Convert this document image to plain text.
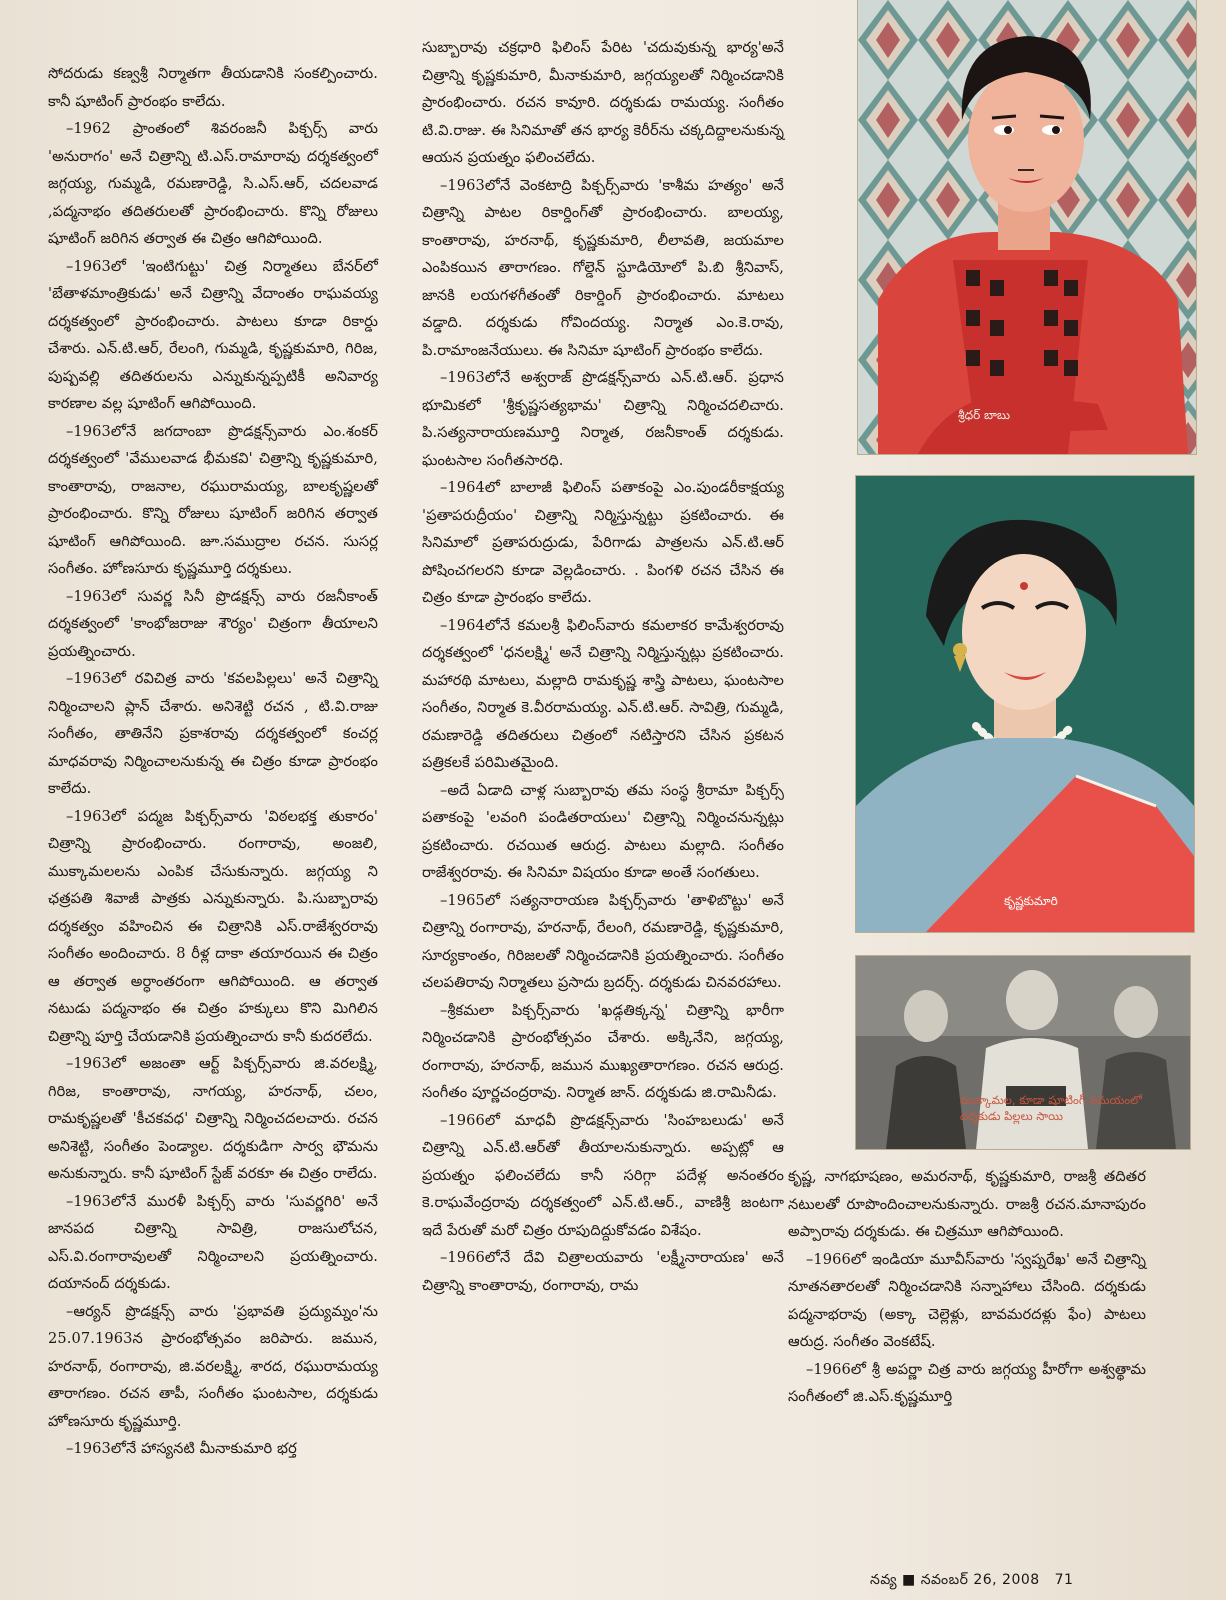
సోదరుడు కణ్వశ్రీ నిర్మాతగా తీయడానికి సంకల్పించారు. కానీ షూటింగ్ ప్రారంభం కాలేదు.

–1962 ప్రాంతంలో శివరంజనీ పిక్చర్స్ వారు 'అనురాగం' అనే చిత్రాన్ని టి.ఎస్.రామారావు దర్శకత్వంలో జగ్గయ్య, గుమ్మడి, రమణారెడ్డి, సి.ఎస్.ఆర్, చదలవాడ ,పద్మనాభం తదితరులతో ప్రారంభించారు. కొన్ని రోజులు షూటింగ్ జరిగిన తర్వాత ఈ చిత్రం ఆగిపోయింది.

–1963లో 'ఇంటిగుట్టు' చిత్ర నిర్మాతలు బేనర్‌లో 'బేతాళమాంత్రికుడు' అనే చిత్రాన్ని వేదాంతం రాఘవయ్య దర్శకత్వంలో ప్రారంభించారు. పాటలు కూడా రికార్డు చేశారు. ఎన్.టి.ఆర్, రేలంగి, గుమ్మడి, కృష్ణకుమారి, గిరిజ, పుష్పవల్లి తదితరులను ఎన్నుకున్నప్పటికీ అనివార్య కారణాల వల్ల షూటింగ్ ఆగిపోయింది.

–1963లోనే జగదాంబా ప్రొడక్షన్స్‌వారు ఎం.శంకర్ దర్శకత్వంలో 'వేములవాడ భీమకవి' చిత్రాన్ని కృష్ణకుమారి, కాంతారావు, రాజనాల, రఘురామయ్య, బాలకృష్ణలతో ప్రారంభించారు. కొన్ని రోజులు షూటింగ్ జరిగిన తర్వాత షూటింగ్ ఆగిపోయింది. జూ.సముద్రాల రచన. సుసర్ల సంగీతం. హోణసూరు కృష్ణమూర్తి దర్శకులు.

–1963లో సువర్ణ సినీ ప్రొడక్షన్స్ వారు రజనీకాంత్ దర్శకత్వంలో 'కాంభోజరాజు శౌర్యం' చిత్రంగా తీయాలని ప్రయత్నించారు.

–1963లో రవిచిత్ర వారు 'కవలపిల్లలు' అనే చిత్రాన్ని నిర్మించాలని ప్లాన్ చేశారు. అనిశెట్టి రచన , టి.వి.రాజు సంగీతం, తాతినేని ప్రకాశరావు దర్శకత్వంలో కంచర్ల మాధవరావు నిర్మించాలనుకున్న ఈ చిత్రం కూడా ప్రారంభం కాలేదు.

–1963లో పద్మజ పిక్చర్స్‌వారు 'విఠలభక్త తుకారం' చిత్రాన్ని ప్రారంభించారు. రంగారావు, అంజలి, ముక్కామలలను ఎంపిక చేసుకున్నారు. జగ్గయ్య ని ఛత్రపతి శివాజీ పాత్రకు ఎన్నుకున్నారు. పి.సుబ్బారావు దర్శకత్వం వహించిన ఈ చిత్రానికి ఎస్.రాజేశ్వరరావు సంగీతం అందించారు. 8 రీళ్ల దాకా తయారయిన ఈ చిత్రం ఆ తర్వాత అర్ధాంతరంగా ఆగిపోయింది. ఆ తర్వాత నటుడు పద్మనాభం ఈ చిత్రం హక్కులు కొని మిగిలిన చిత్రాన్ని పూర్తి చేయడానికి ప్రయత్నించారు కానీ కుదరలేదు.

–1963లో అజంతా ఆర్ట్ పిక్చర్స్‌వారు జి.వరలక్ష్మి, గిరిజ, కాంతారావు, నాగయ్య, హరనాథ్, చలం, రామకృష్ణలతో 'కీచకవధ' చిత్రాన్ని నిర్మించదలచారు. రచన అనిశెట్టి, సంగీతం పెండ్యాల. దర్శకుడిగా సార్వ భౌమను అనుకున్నారు. కానీ షూటింగ్ స్టేజ్ వరకూ ఈ చిత్రం రాలేదు.

–1963లోనే మురళీ పిక్చర్స్ వారు 'సువర్ణగిరి' అనే జానపద చిత్రాన్ని సావిత్రి, రాజసులోచన, ఎస్.వి.రంగారావులతో నిర్మించాలని ప్రయత్నించారు. దయానంద్ దర్శకుడు.

–ఆర్యన్ ప్రొడక్షన్స్ వారు 'ప్రభావతి ప్రద్యుమ్నం'ను 25.07.1963న ప్రారంభోత్సవం జరిపారు. జమున, హరనాథ్, రంగారావు, జి.వరలక్ష్మి, శారద, రఘురామయ్య తారాగణం. రచన తాపీ, సంగీతం ఘంటసాల, దర్శకుడు హోణసూరు కృష్ణమూర్తి.

–1963లోనే హాస్యనటి మీనాకుమారి భర్త

సుబ్బారావు చక్రధారి ఫిలింస్ పేరిట 'చదువుకున్న భార్య'అనే చిత్రాన్ని కృష్ణకుమారి, మీనాకుమారి, జగ్గయ్యలతో నిర్మించడానికి ప్రారంభించారు. రచన కావూరి. దర్శకుడు రామయ్య. సంగీతం టి.వి.రాజు. ఈ సినిమాతో తన భార్య కెరీర్‌ను చక్కదిద్దాలనుకున్న ఆయన ప్రయత్నం ఫలించలేదు.

–1963లోనే వెంకటాద్రి పిక్చర్స్‌వారు 'కాశీమ హత్యం' అనే చిత్రాన్ని పాటల రికార్డింగ్‌తో ప్రారంభించారు. బాలయ్య, కాంతారావు, హరనాథ్, కృష్ణకుమారి, లీలావతి, జయమాల ఎంపికయిన తారాగణం. గోల్డెన్ స్టూడియోలో పి.బి శ్రీనివాస్, జానకి లయగళగీతంతో రికార్డింగ్ ప్రారంభించారు. మాటలు వడ్డాది. దర్శకుడు గోవిందయ్య. నిర్మాత ఎం.కె.రావు, పి.రామాంజనేయులు. ఈ సినిమా షూటింగ్ ప్రారంభం కాలేదు.

–1963లోనే అశ్వరాజ్ ప్రొడక్షన్స్‌వారు ఎన్.టి.ఆర్. ప్రధాన భూమికలో 'శ్రీకృష్ణసత్యభామ' చిత్రాన్ని నిర్మించదలిచారు. పి.సత్యనారాయణమూర్తి నిర్మాత, రజనీకాంత్ దర్శకుడు. ఘంటసాల సంగీతసారధి.

–1964లో బాలాజీ ఫిలింస్ పతాకంపై ఎం.పుండరీకాక్షయ్య 'ప్రతాపరుద్రీయం' చిత్రాన్ని నిర్మిస్తున్నట్టు ప్రకటించారు. ఈ సినిమాలో ప్రతాపరుద్రుడు, పేరిగాడు పాత్రలను ఎన్.టి.ఆర్ పోషించగలరని కూడా వెల్లడించారు. . పింగళి రచన చేసిన ఈ చిత్రం కూడా ప్రారంభం కాలేదు.

–1964లోనే కమలశ్రీ ఫిలింస్‌వారు కమలాకర కామేశ్వరరావు దర్శకత్వంలో 'ధనలక్ష్మి' అనే చిత్రాన్ని నిర్మిస్తున్నట్లు ప్రకటించారు. మహారథి మాటలు, మల్లాది రామకృష్ణ శాస్త్రి పాటలు, ఘంటసాల సంగీతం, నిర్మాత కె.వీరరామయ్య. ఎన్.టి.ఆర్. సావిత్రి, గుమ్మడి, రమణారెడ్డి తదితరులు చిత్రంలో నటిస్తారని చేసిన ప్రకటన పత్రికలకే పరిమితమైంది.

–అదే ఏడాది చాళ్ల సుబ్బారావు తమ సంస్థ శ్రీరామా పిక్చర్స్ పతాకంపై 'లవంగి పండితరాయలు' చిత్రాన్ని నిర్మించనున్నట్లు ప్రకటించారు. రచయిత ఆరుద్ర. పాటలు మల్లాది. సంగీతం రాజేశ్వరరావు. ఈ సినిమా విషయం కూడా అంతే సంగతులు.

–1965లో సత్యనారాయణ పిక్చర్స్‌వారు 'తాళిబొట్టు' అనే చిత్రాన్ని రంగారావు, హరనాథ్, రేలంగి, రమణారెడ్డి, కృష్ణకుమారి, సూర్యకాంతం, గిరిజలతో నిర్మించడానికి ప్రయత్నించారు. సంగీతం చలపతిరావు నిర్మాతలు ప్రసాదు బ్రదర్స్. దర్శకుడు చినవరహాలు.

–శ్రీకమలా పిక్చర్స్‌వారు 'ఖడ్గతిక్కన్న' చిత్రాన్ని భారీగా నిర్మించడానికి ప్రారంభోత్సవం చేశారు. అక్కినేని, జగ్గయ్య, రంగారావు, హరనాథ్, జమున ముఖ్యతారాగణం. రచన ఆరుద్ర. సంగీతం పూర్ణచంద్రరావు. నిర్మాత జాన్. దర్శకుడు జి.రామినీడు.

–1966లో మాధవీ ప్రొడక్షన్స్‌వారు 'సింహబలుడు' అనే చిత్రాన్ని ఎన్.టి.ఆర్‌తో తీయాలనుకున్నారు. అప్పట్లో ఆ ప్రయత్నం ఫలించలేదు కానీ సరిగ్గా పదేళ్ల అనంతరం కె.రాఘవేంద్రరావు దర్శకత్వంలో ఎన్.టి.ఆర్., వాణిశ్రీ జంటగా ఇదే పేరుతో మరో చిత్రం రూపుదిద్దుకోవడం విశేషం.

–1966లోనే దేవి చిత్రాలయవారు 'లక్ష్మీనారాయణ' అనే చిత్రాన్ని కాంతారావు, రంగారావు, రామ

కృష్ణ, నాగభూషణం, అమరనాథ్, కృష్ణకుమారి, రాజశ్రీ తదితర నటులతో రూపొందించాలనుకున్నారు. రాజశ్రీ రచన.మానాపురం అప్పారావు దర్శకుడు. ఈ చిత్రమూ ఆగిపోయింది.

–1966లో ఇండియా మూవీస్‌వారు 'స్వప్నరేఖ' అనే చిత్రాన్ని నూతనతారలతో నిర్మించడానికి సన్నాహాలు చేసింది. దర్శకుడు పద్మనాభరావు (అక్కా చెల్లెళ్లు, బావమరదళ్లు ఫేం) పాటలు ఆరుద్ర. సంగీతం వెంకటేష్.

–1966లో శ్రీ అపర్ణా చిత్ర వారు జగ్గయ్య హీరోగా అశ్వత్థామ సంగీతంలో జి.ఎస్.కృష్ణమూర్తి

శ్రీధర్ బాబు
కృష్ణకుమారి
ముక్కామల, కూడా షూటింగ్ సమయంలో దర్శకుడు పిల్లలు సాయి
నవ్య ■ నవంబర్ 26, 2008 71
